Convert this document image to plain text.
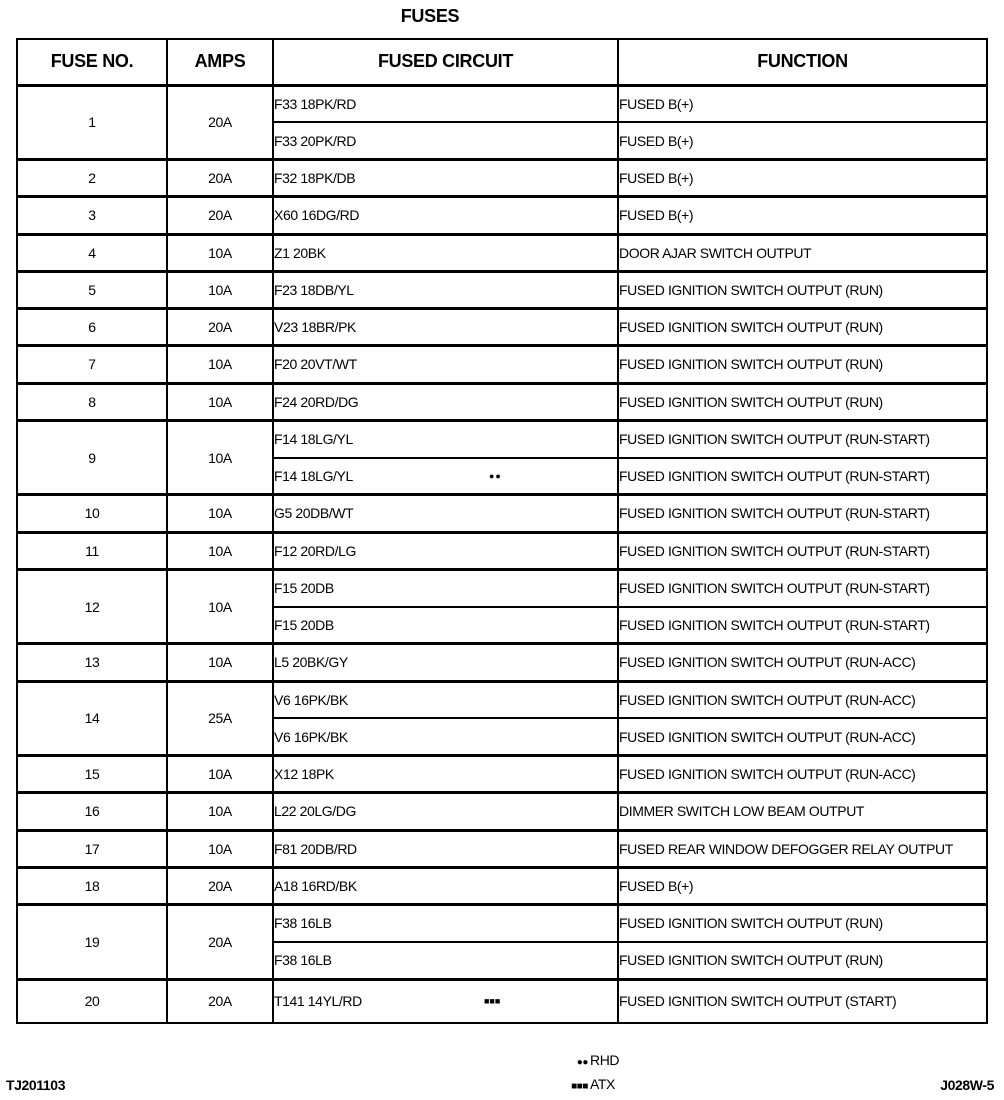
FUSES
FUSE NO.	AMPS	FUSED CIRCUIT	FUNCTION
1	20A	F33 18PK/RD	FUSED B(+)
		F33 20PK/RD	FUSED B(+)
2	20A	F32 18PK/DB	FUSED B(+)
3	20A	X60 16DG/RD	FUSED B(+)
4	10A	Z1 20BK	DOOR AJAR SWITCH OUTPUT
5	10A	F23 18DB/YL	FUSED IGNITION SWITCH OUTPUT (RUN)
6	20A	V23 18BR/PK	FUSED IGNITION SWITCH OUTPUT (RUN)
7	10A	F20 20VT/WT	FUSED IGNITION SWITCH OUTPUT (RUN)
8	10A	F24 20RD/DG	FUSED IGNITION SWITCH OUTPUT (RUN)
9	10A	F14 18LG/YL	FUSED IGNITION SWITCH OUTPUT (RUN-START)

		F14 18LG/YL ●●	FUSED IGNITION SWITCH OUTPUT (RUN-START)
10	10A	G5 20DB/WT	FUSED IGNITION SWITCH OUTPUT (RUN-START)
11	10A	F12 20RD/LG	FUSED IGNITION SWITCH OUTPUT (RUN-START)
12	10A	F15 20DB	FUSED IGNITION SWITCH OUTPUT (RUN-START)
		F15 20DB	FUSED IGNITION SWITCH OUTPUT (RUN-START)
13	10A	L5 20BK/GY	FUSED IGNITION SWITCH OUTPUT (RUN-ACC)
14	25A	V6 16PK/BK	FUSED IGNITION SWITCH OUTPUT (RUN-ACC)
		V6 16PK/BK	FUSED IGNITION SWITCH OUTPUT (RUN-ACC)
15	10A	X12 18PK	FUSED IGNITION SWITCH OUTPUT (RUN-ACC)
16	10A	L22 20LG/DG	DIMMER SWITCH LOW BEAM OUTPUT
17	10A	F81 20DB/RD	FUSED REAR WINDOW DEFOGGER RELAY OUTPUT
18	20A	A18 16RD/BK	FUSED B(+)
19	20A	F38 16LB	FUSED IGNITION SWITCH OUTPUT (RUN)
		F38 16LB	FUSED IGNITION SWITCH OUTPUT (RUN)
20	20A	T141 14YL/RD ■■■	FUSED IGNITION SWITCH OUTPUT (START)
●● RHD
■■■ ATX
TJ201103	J028W-5
